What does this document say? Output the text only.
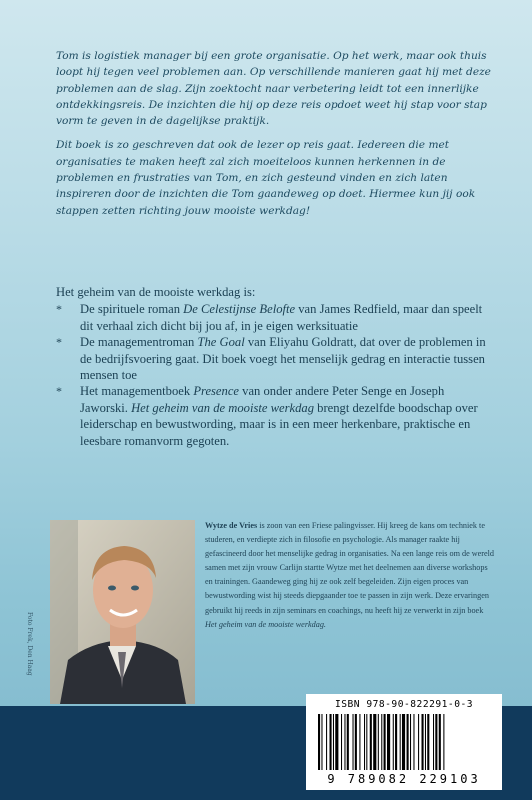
Tom is logistiek manager bij een grote organisatie. Op het werk, maar ook thuis loopt hij tegen veel problemen aan. Op verschillende manieren gaat hij met deze problemen aan de slag. Zijn zoektocht naar verbetering leidt tot een innerlijke ontdekkingsreis. De inzichten die hij op deze reis opdoet weet hij stap voor stap vorm te geven in de dagelijkse praktijk.

Dit boek is zo geschreven dat ook de lezer op reis gaat. Iedereen die met organisaties te maken heeft zal zich moeiteloos kunnen herkennen in de problemen en frustraties van Tom, en zich gesteund vinden en zich laten inspireren door de inzichten die Tom gaandeweg op doet. Hiermee kun jij ook stappen zetten richting jouw mooiste werkdag!

Het geheim van de mooiste werkdag is:
* De spirituele roman De Celestijnse Belofte van James Redfield, maar dan speelt dit verhaal zich dicht bij jou af, in je eigen werksituatie
* De managementroman The Goal van Eliyahu Goldratt, dat over de problemen in de bedrijfsvoering gaat. Dit boek voegt het menselijk gedrag en interactie tussen mensen toe
* Het managementboek Presence van onder andere Peter Senge en Joseph Jaworski. Het geheim van de mooiste werkdag brengt dezelfde boodschap over leiderschap en bewustwording, maar is in een meer herkenbare, praktische en leesbare romanvorm gegoten.
Foto Frek, Den Haag
Wytze de Vries is zoon van een Friese palingvisser. Hij kreeg de kans om techniek te studeren, en verdiepte zich in filosofie en psychologie. Als manager raakte hij gefascineerd door het menselijke gedrag in organisaties. Na een lange reis om de wereld samen met zijn vrouw Carlijn startte Wytze met het deelnemen aan diverse workshops en trainingen. Gaandeweg ging hij ze ook zelf begeleiden. Zijn eigen proces van bewustwording wist hij steeds diepgaander toe te passen in zijn werk. Deze ervaringen gebruikt hij reeds in zijn seminars en coachings, nu heeft hij ze verwerkt in zijn boek Het geheim van de mooiste werkdag.
ISBN 978-90-822291-0-3
9 789082 229103
